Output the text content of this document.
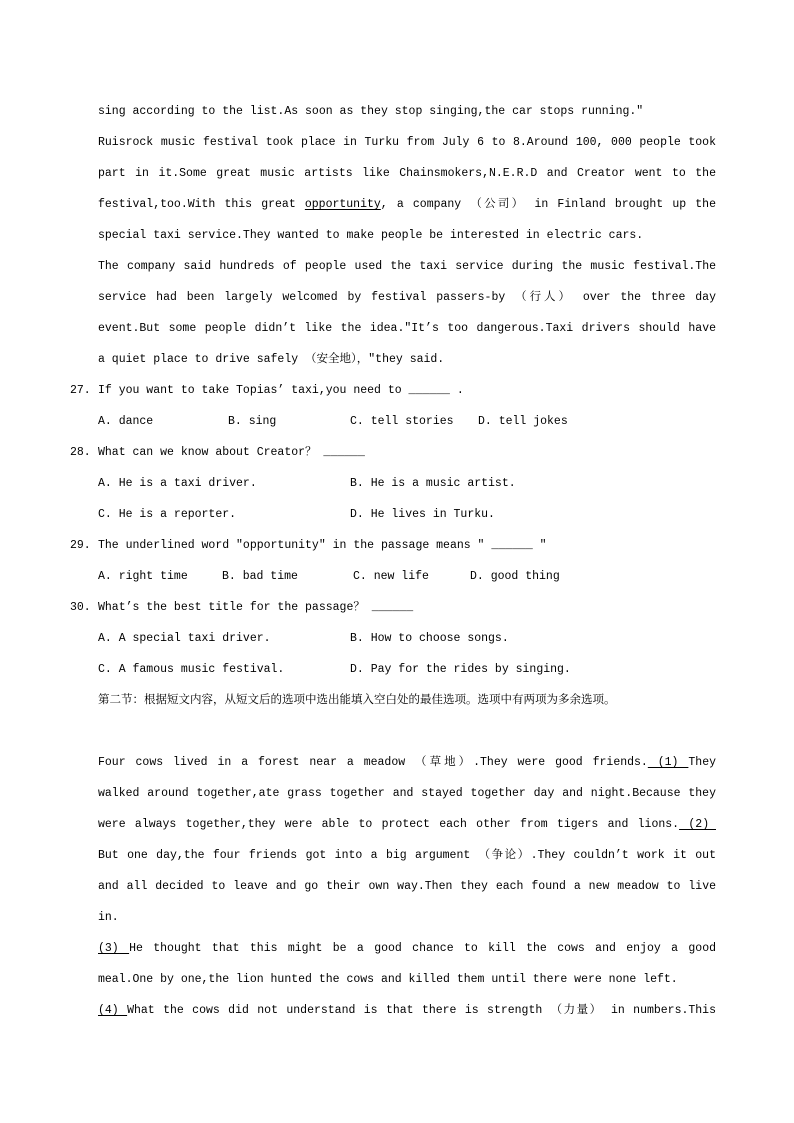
sing according to the list.As soon as they stop singing,the car stops running.″
Ruisrock music festival took place in Turku from July 6 to 8.Around 100, 000 people took
part in it.Some great music artists like Chainsmokers,N.E.R.D and Creator went to the
festival,too.With this great opportunity, a company （公司） in Finland brought up the
special taxi service.They wanted to make people be interested in electric cars.
The company said hundreds of people used the taxi service during the music festival.The
service had been largely welcomed by festival passers-by （行人） over the three day
event.But some people didn’t like the idea.″It’s too dangerous.Taxi drivers should have
a quiet place to drive safely （安全地），″they said.
27. If you want to take Topias’ taxi,you need to ______ .
A. dance	B. sing	C. tell stories D. tell jokes
28. What can we know about Creator？ ______
A. He is a taxi driver.	B. He is a music artist.
C. He is a reporter.	D. He lives in Turku.
29. The underlined word ″opportunity″ in the passage means ″ ______ ″
A. right time	B. bad time	C. new life	D. good thing
30. What’s the best title for the passage？ ______
A. A special taxi driver.	B. How to choose songs.
C. A famous music festival.	D. Pay for the rides by singing.
第二节：根据短文内容，从短文后的选项中选出能填入空白处的最佳选项。选项中有两项为多余选项。
Four cows lived in a forest near a meadow （草地）.They were good friends. (1) They
walked around together,ate grass together and stayed together day and night.Because they
were always together,they were able to protect each other from tigers and lions. (2)
But one day,the four friends got into a big argument （争论）.They couldn’t work it out
and all decided to leave and go their own way.Then they each found a new meadow to live
in.
(3) He thought that this might be a good chance to kill the cows and enjoy a good
meal.One by one,the lion hunted the cows and killed them until there were none left.
(4) What the cows did not understand is that there is strength （力量） in numbers.This
